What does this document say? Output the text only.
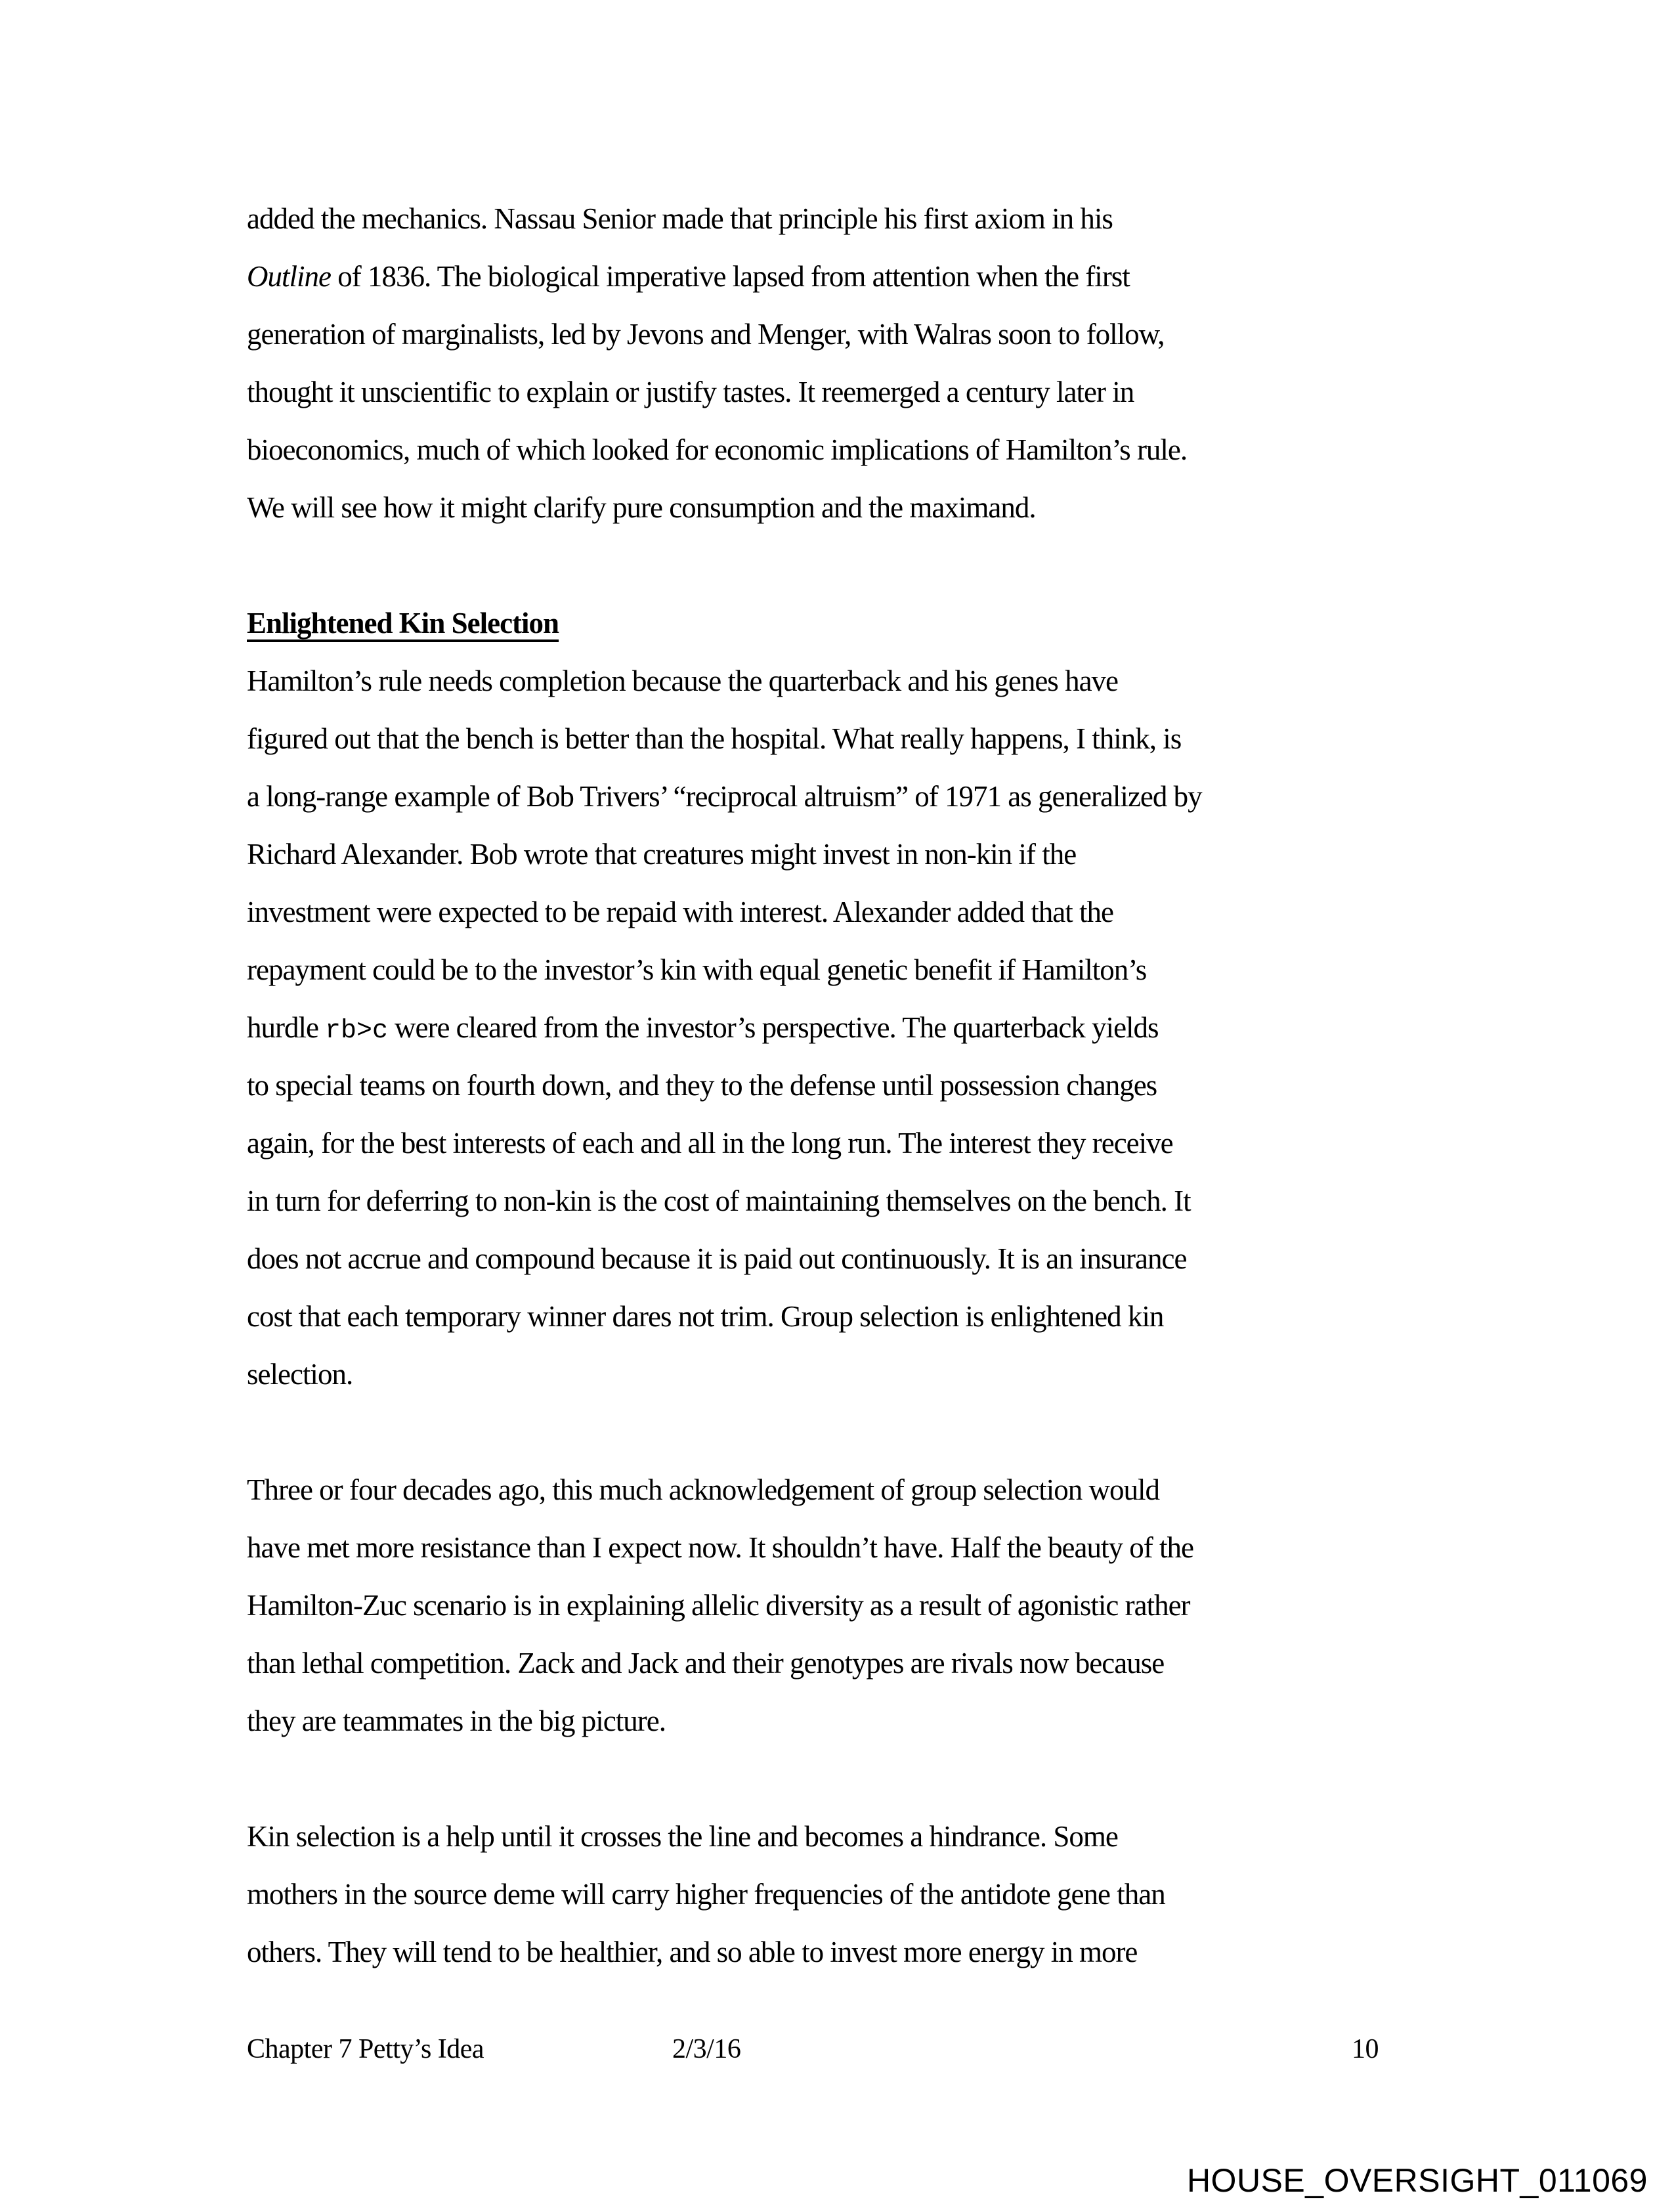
added the mechanics. Nassau Senior made that principle his first axiom in his
Outline of 1836. The biological imperative lapsed from attention when the first
generation of marginalists, led by Jevons and Menger, with Walras soon to follow,
thought it unscientific to explain or justify tastes. It reemerged a century later in
bioeconomics, much of which looked for economic implications of Hamilton’s rule.
We will see how it might clarify pure consumption and the maximand.
Enlightened Kin Selection
Hamilton’s rule needs completion because the quarterback and his genes have
figured out that the bench is better than the hospital. What really happens, I think, is
a long-range example of Bob Trivers’ “reciprocal altruism” of 1971 as generalized by
Richard Alexander. Bob wrote that creatures might invest in non-kin if the
investment were expected to be repaid with interest. Alexander added that the
repayment could be to the investor’s kin with equal genetic benefit if Hamilton’s
hurdle rb>c were cleared from the investor’s perspective. The quarterback yields
to special teams on fourth down, and they to the defense until possession changes
again, for the best interests of each and all in the long run. The interest they receive
in turn for deferring to non-kin is the cost of maintaining themselves on the bench. It
does not accrue and compound because it is paid out continuously. It is an insurance
cost that each temporary winner dares not trim. Group selection is enlightened kin
selection.
Three or four decades ago, this much acknowledgement of group selection would
have met more resistance than I expect now. It shouldn’t have. Half the beauty of the
Hamilton-Zuc scenario is in explaining allelic diversity as a result of agonistic rather
than lethal competition. Zack and Jack and their genotypes are rivals now because
they are teammates in the big picture.
Kin selection is a help until it crosses the line and becomes a hindrance. Some
mothers in the source deme will carry higher frequencies of the antidote gene than
others. They will tend to be healthier, and so able to invest more energy in more
Chapter 7 Petty’s Idea	2/3/16	10
HOUSE_OVERSIGHT_011069
